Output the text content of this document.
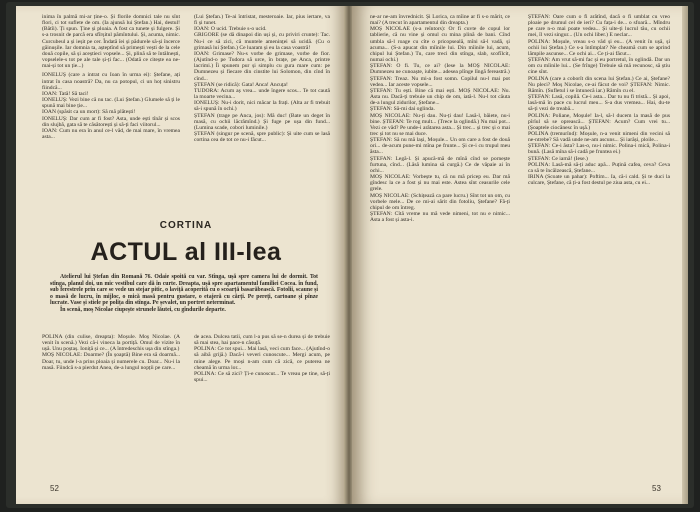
inima în palmă mi-ar ține-o. Și florile domnici tale nu sînt flori, ci tot suflete de om. (Ia ajunsă lui Ștefan.) Hai, destul! (Bătîi). Ți spun. Ține și ploaia. A fost ca tunete și fulgere. Și s-a trosnit de parcă era sfîrșitul pămîntului. Și, acuma, nimic. Curcubeul a și ieșit pe cer. Îndată îei și pădurele să-și încerce găinușile. Iar domnia ta, așteptînd să primești vești de la cele două copile, să și aceștieci vopsele... Și, plină să te întâlnești, vopselele-s tot pe ale tale și-ți fac... (Odată ce citește ea ne-mai-și tot un ție...)

IONELUȘ (care a intrat cu Ioan în urma ei): Ștefane, ați intrat în casa noastră? Da, nu ca potopul, ci un hoț sinistru fiindcă...

IOAN: Tată! Să taci!

IONELUȘ: Vezi bine că nu tac. (Lui Ștefan.) Glumele să ți le spună mai bine ție...

IOAN (spăsit ca un mort): Să mă plătești!

IONELUȘ: Dar cum ar fi fost? Asta, unde ești tînăr și scos din slujbă, gata să te căsătorești și să-ți faci viitorul...

IOAN: Cum nu era în anul ce-l văd, de mai mare, în vremea asta...

(Lui Ștefan.) Te-ai întristat, mesteroaie. Iar, pius iertare, va fi și tunet.

IOAN: O ucid. Trebuie s-o ucid.

GRIGORE (se dă dinapoi din uși și, cu priviri crunte): Tac. Nu-i ce să zici, că muntele ameninței să ucidă. (Cu o grimasă lui Ștefan.) Ce luaram și eu la casa voastră!

IOAN: Grimase? Nu-s vorbe de grimase, vorbe de fior. (Ajutînd-o pe Tudora să urce, în brațe, pe Anca, printre lacrimi.) Îi spunem pur și simplu cu gura mare cum: pe Dumnezeu și fiecare din cinstite lui Solomon, din cînd în cînd...

ȘTEFAN (se ridică): Gata! Anca! Ancuța!

TUDORA: Acum aș vrea... unde îngere scos... Te tot caută la moarte vecina...

IONELUȘ: Nu-i dorit, nici măcar la frați. (Alta ar fi trebuit să-i spună în ochi.)

ȘTEFAN (trage pe Anca, jos): Mă duc! (Bate un deget în masă, cu ochii lăcrămînd.) Și fuge pe ușa din fund... (Lumina scade, cobori luminile.)

ȘTEFAN (singur pe scenă, spre public): Și uite cum se lasă cortina cea de tot ce nu-i făcut...

CORTINA
ACTUL al III-lea

Atelierul lui Ștefan din Romană 76. Odaie spoită cu var. Stînga, ușă spre camera lui de dormit. Tot stînga, planul doi, un mic vestibul care dă în curte. Dreapta, ușă spre apartamentul familiei Cocea. în fund, sub ferestrele prin care se vede un stejar pitic, o laviță acoperită cu o scoarță basarăbească. Fotolii, scaune și o masă de lucru, în mijloc, o mică masă pentru gustare, o etajeră cu cărți. Pe pereți, cartoane și pînze lucrate. Vase și stiele pe polița din stînga. Pe șevalet, un portret neterminat.

În scenă, moș Nicolae ciupește strunele lăutei, cu gîndurile departe.

POLINA (din culise, dreapta): Moșule. Moș Nicolae. (A venit în scenă.) Vezi că-i vineca la portiță. Omul de vizite în ușă. Unu poștaș. Ioniță și ce... (A întredeschis ușa din stînga.)

MOȘ NICOLAE: Doarme? (În șoaptă) Bine era să doarmă... Doar, tu, unde l-a prins ploaia și numerele cu. Doar... Nu-i la masă. Fiindcă s-a pierdut Anea, de-a lungul nopții pe care...

de acea. Dulcea tatii, cum l-a pus să se-n durea și de trebuie să mai stea, hai pace-n căsuță.

POLINA: Ce tot spui... Mai lasă, veci cum face... (Ajutînd-o să aibă grijă.) Dacă-i veveri cunoscute... Mergi acum, pe mine alege. Pe moși n-am cum că zică, ce puterea ne cheamă în urma lor...

POLINA: Ce să zici? Ți-e cunoscut... Te vreau pe tine, să-ți spui...

52

ne-ar ne-am învrednicit. Și Lorica, ca mîine ar fi s-o mărit, ce mai? (A trecut în apartamentul din dreapta.)

MOȘ NICOLAE (s-a reîntors): Or fi cuvte de copul lor tablierie, că nu vine și omul cu mina plină de bani. Cînd umbla să-l roage cu cîte o pricopseală, mîni să-l vadă, și acuma... (S-a apucat din mîinile lui. Din mîinile lui, acum, chipul lui Ștefan.) Tu, care treci din stînga, slab, scofîlcit, numai ochi.)

ȘTEFAN: O fi. Tu, ce ai? (Iese la MOȘ NICOLAE: Dumnezeu ne cunoaște, iubite... adesea plînge lîngă fereastră.)

ȘTEFAN: Treaz. Nu mi-a fost somn. Copilul nu-l mai pot vedea... Iar aceste vopsele...

ȘTEFAN: Tu ești. Bine că mai ești. MOȘ NICOLAE: Nu. Asta nu. Dacă-ți trebuie un chip de om, iată-l. Nu-l tot căuta de-a lungul zidurilor, Ștefane...

ȘTEFAN: Să-mi dai oglinda.

MOȘ NICOLAE: Nu-ți dau. Nu-ți dau! Lasă-l, băiete, nu-i bine. ȘTEFAN: Te rog mult... (Trece la oglindă.) Nu mai pot... Vezi ce văd? Pe unde-i arătarea asta... Și trec... și trec și o mai trec și tot nu se mai duce.

ȘTEFAN: Să nu mă lași, Moșule... Un om care a fost de două ori... de-acum pune-mi mîna pe frunte... Și ce-i cu trupul meu ăsta...

ȘTEFAN: Legă-l. Și apucă-mă de mînă cînd se pornește furtuna, cînd... (Lăsă lumina să curgă.) Ce de văpaie ai în ochi...

MOȘ NICOLAE: Vorbește tu, că nu mă pricep eu. Dar mă gîndesc la ce a fost și nu mai este. Astea sînt ceasurile cele grele.

MOȘ NICOLAE: (Schițează ca pare lucru.) Sînt tot un om, cu vorbele mele... De ce mi-ai sărit din fotoliu, Ștefane? Fă-ți chipul de om întreg.

ȘTEFAN: Cîtă vreme nu mă vede nimeni, tot nu e nimic... Asta a fost și asta-i.

ȘTEFAN: Oare cum o fi arătînd, dacă o fi umblat cu vreo ploaie pe drumul cel de ieri? Cu fața-i de... o sfoară... Mîndru pe care n-o mai poate vedea... Și uite-ți lucrul tău, cu ochii mei, îl vezi singur... (Un ochi liber.) E neclar...

POLINA: Moșule, vreau s-o văd și eu... (A venit în ușă, și ochii lui Ștefan.) Ce s-a întîmplat? Ne cheamă cum se aprind lămpile ascunse... Ce ochi ai... Ce ți-ai făcut...

ȘTEFAN: Am vrut să-mi fac și eu portretul, în oglindă. Dar un om cu mîinile lui... (Se frînge) Trebuie să mă recunosc, să știu cine sînt.

POLINA (care a coborît din scena lui Ștefan.) Ce ai, Ștefane? Nu pleci? Moș Nicolae, ce-ai făcut de voi? ȘTEFAN: Nimic. Rămîn. (Sufletul i se întunecă iar.) Rămîn cu el.

ȘTEFAN: Lasă, copilă. Ce-i asta... Dar tu nu fi tristă... Și apoi, lasă-mă în pace cu lucrul meu... S-a dus vremea... Hai, du-te să-ți vezi de treabă...

POLINA: Poliane, Moșule! Ia-l, să-l ducem la masă de pus pîrîul să se oprească... ȘTEFAN: Acum? Cum vrei tu... (Șoaptele ciocănesc în ușă.)

POLINA (tremurînd): Moșule, n-a venit nimeni din vecini să ne-ntrebe? Să vadă unde ne-am ascuns... Și iarăși, ploile...

ȘTEFAN: Ce-i ăsta? Las-o, nu-i nimic. Polina-i mică, Polina-i bună. (Lasă mîna să-i cadă pe fruntea ei.)

ȘTEFAN: Ce iarnă! (Iese.)

POLINA: Lasă-mă să-ți aduc apă... Puțină cafea, ceva? Ceva ca să te încălzească, Ștefane...

IRINA (Scoate un pahar): Poftim... Ia, că-i cald. Și te duci la culcare, Ștefane, că ți-a fost destul pe ziua asta, cu ei...

53
